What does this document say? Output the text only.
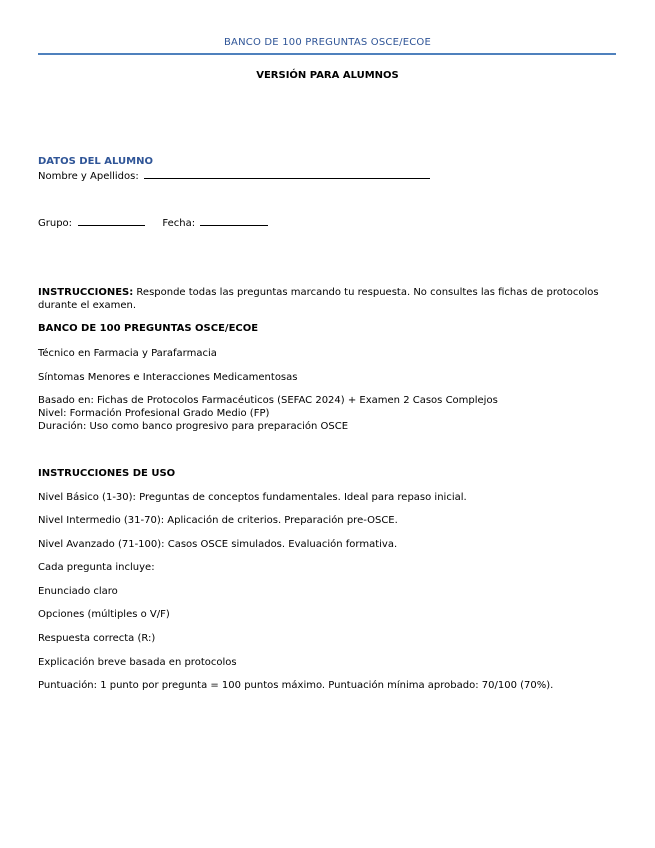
BANCO DE 100 PREGUNTAS OSCE/ECOE
VERSIÓN PARA ALUMNOS
DATOS DEL ALUMNO
Nombre y Apellidos:
Grupo:	Fecha:
INSTRUCCIONES: Responde todas las preguntas marcando tu respuesta. No consultes las fichas de protocolos durante el examen.
BANCO DE 100 PREGUNTAS OSCE/ECOE
Técnico en Farmacia y Parafarmacia
Síntomas Menores e Interacciones Medicamentosas
Basado en: Fichas de Protocolos Farmacéuticos (SEFAC 2024) + Examen 2 Casos Complejos
Nivel: Formación Profesional Grado Medio (FP)
Duración: Uso como banco progresivo para preparación OSCE
INSTRUCCIONES DE USO
Nivel Básico (1-30): Preguntas de conceptos fundamentales. Ideal para repaso inicial.
Nivel Intermedio (31-70): Aplicación de criterios. Preparación pre-OSCE.
Nivel Avanzado (71-100): Casos OSCE simulados. Evaluación formativa.
Cada pregunta incluye:
Enunciado claro
Opciones (múltiples o V/F)
Respuesta correcta (R:)
Explicación breve basada en protocolos
Puntuación: 1 punto por pregunta = 100 puntos máximo. Puntuación mínima aprobado: 70/100 (70%).
